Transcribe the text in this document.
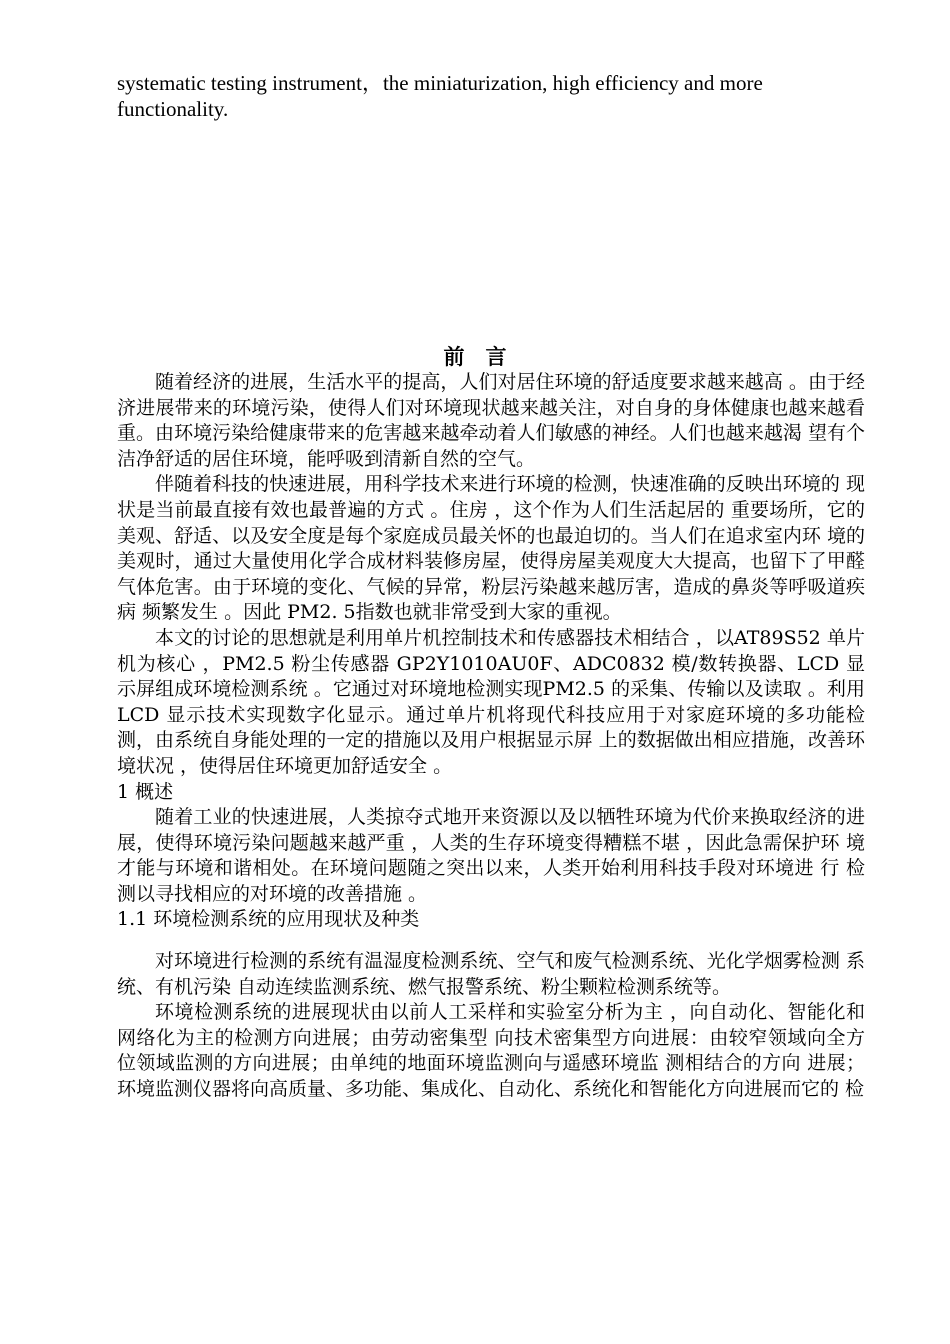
systematic testing instrument，the miniaturization, high efficiency and more functionality.

前　言

随着经济的进展，生活水平的提高，人们对居住环境的舒适度要求越来越高 。由于经济进展带来的环境污染，使得人们对环境现状越来越关注，对自身的身体健康也越来越看重。由环境污染给健康带来的危害越来越牵动着人们敏感的神经。人们也越来越渴 望有个洁净舒适的居住环境，能呼吸到清新自然的空气。

伴随着科技的快速进展，用科学技术来进行环境的检测，快速准确的反映出环境的 现状是当前最直接有效也最普遍的方式 。住房 ，这个作为人们生活起居的 重要场所，它的美观、舒适、以及安全度是每个家庭成员最关怀的也最迫切的。当人们在追求室内环 境的美观时，通过大量使用化学合成材料装修房屋，使得房屋美观度大大提高，也留下了甲醛气体危害。由于环境的变化、气候的异常，粉层污染越来越厉害，造成的鼻炎等呼吸道疾病 频繁发生 。因此 PM2. 5指数也就非常受到大家的重视。

本文的讨论的思想就是利用单片机控制技术和传感器技术相结合 ，以AT89S52 单片机为核心 ，PM2.5 粉尘传感器 GP2Y1010AU0F、ADC0832 模/数转换器、LCD 显示屏组成环境检测系统 。它通过对环境地检测实现PM2.5 的采集、传输以及读取 。利用 LCD 显示技术实现数字化显示。通过单片机将现代科技应用于对家庭环境的多功能检测，由系统自身能处理的一定的措施以及用户根据显示屏 上的数据做出相应措施，改善环境状况 ，使得居住环境更加舒适安全 。

1 概述

随着工业的快速进展，人类掠夺式地开来资源以及以牺牲环境为代价来换取经济的进展，使得环境污染问题越来越严重 ，人类的生存环境变得糟糕不堪 ，因此急需保护环 境才能与环境和谐相处。在环境问题随之突出以来，人类开始利用科技手段对环境进 行 检测以寻找相应的对环境的改善措施 。

1.1 环境检测系统的应用现状及种类

对环境进行检测的系统有温湿度检测系统、空气和废气检测系统、光化学烟雾检测 系统、有机污染 自动连续监测系统、燃气报警系统、粉尘颗粒检测系统等。

环境检测系统的进展现状由以前人工采样和实验室分析为主 ，向自动化、智能化和 网络化为主的检测方向进展；由劳动密集型 向技术密集型方向进展：由较窄领域向全方 位领域监测的方向进展；由单纯的地面环境监测向与遥感环境监 测相结合的方向 进展； 环境监测仪器将向高质量、多功能、集成化、自动化、系统化和智能化方向进展而它的 检
